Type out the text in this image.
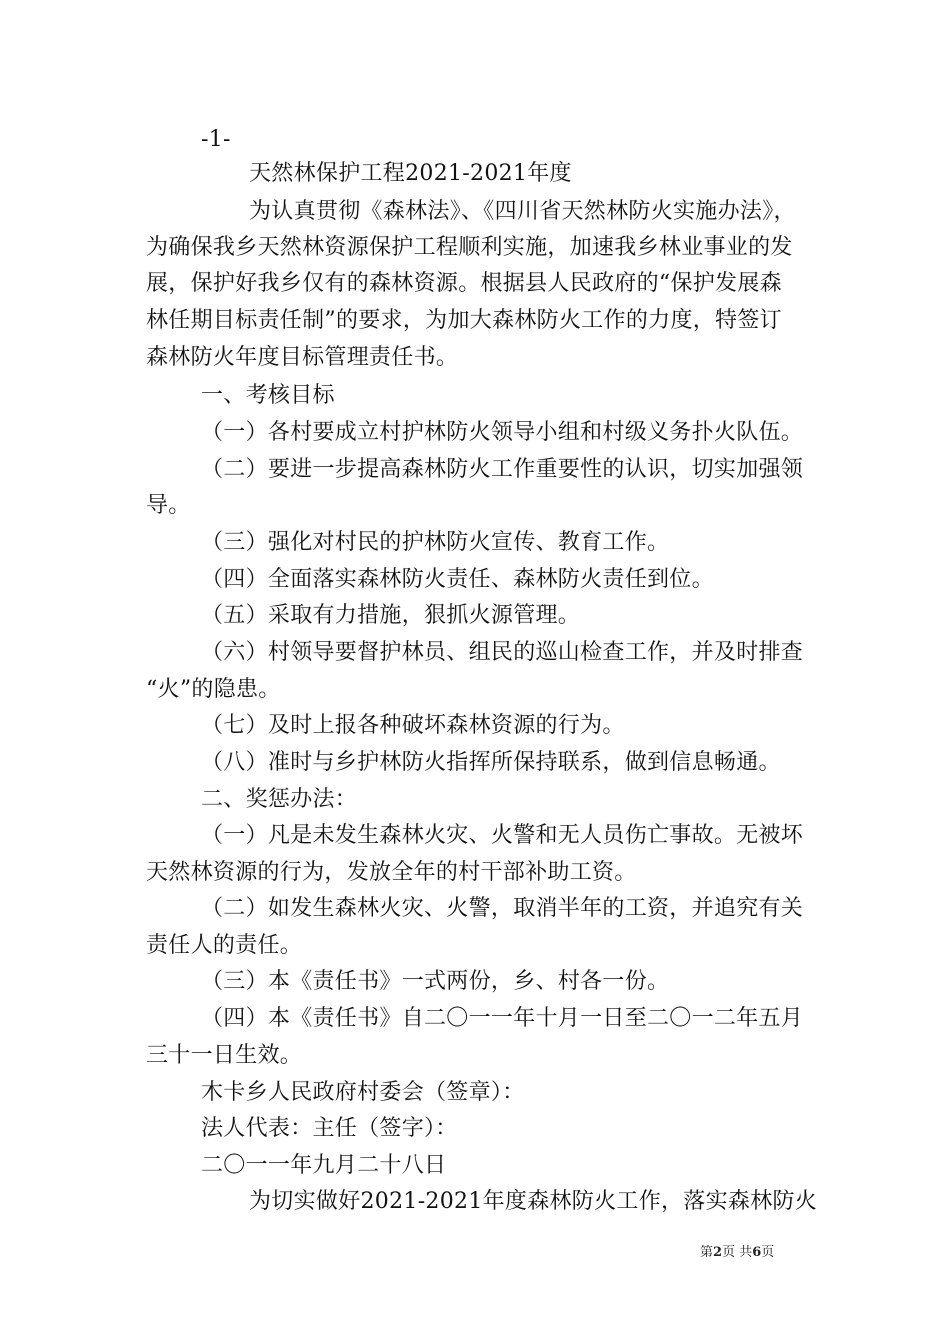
-1-
天然林保护工程2021-2021年度
为认真贯彻《森林法》、《四川省天然林防火实施办法》，
为确保我乡天然林资源保护工程顺利实施，加速我乡林业事业的发
展，保护好我乡仅有的森林资源。根据县人民政府的“保护发展森
林任期目标责任制”的要求，为加大森林防火工作的力度，特签订
森林防火年度目标管理责任书。
一、考核目标
（一）各村要成立村护林防火领导小组和村级义务扑火队伍。
（二）要进一步提高森林防火工作重要性的认识，切实加强领
导。
（三）强化对村民的护林防火宣传、教育工作。
（四）全面落实森林防火责任、森林防火责任到位。
（五）采取有力措施，狠抓火源管理。
（六）村领导要督护林员、组民的巡山检查工作，并及时排查
“火”的隐患。
（七）及时上报各种破坏森林资源的行为。
（八）准时与乡护林防火指挥所保持联系，做到信息畅通。
二、奖惩办法：
（一）凡是未发生森林火灾、火警和无人员伤亡事故。无被坏
天然林资源的行为，发放全年的村干部补助工资。
（二）如发生森林火灾、火警，取消半年的工资，并追究有关
责任人的责任。
（三）本《责任书》一式两份，乡、村各一份。
（四）本《责任书》自二〇一一年十月一日至二〇一二年五月
三十一日生效。
木卡乡人民政府村委会（签章）：
法人代表：主任（签字）：
二〇一一年九月二十八日
为切实做好2021-2021年度森林防火工作，落实森林防火
第2页 共6页
